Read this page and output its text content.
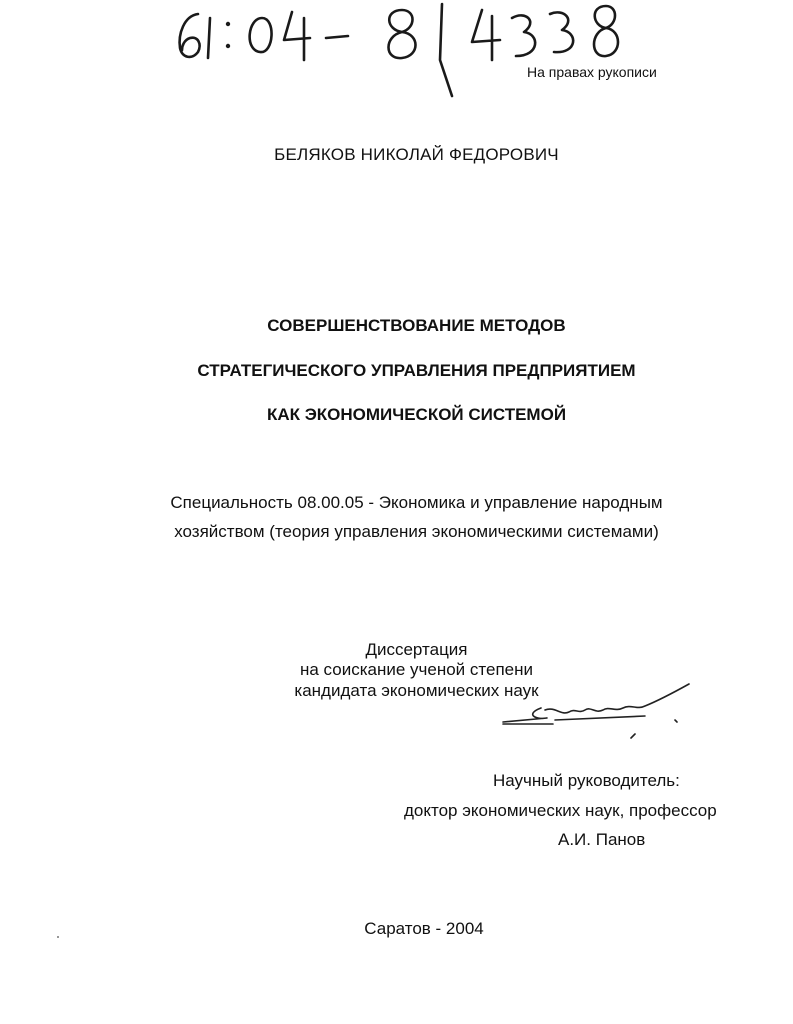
На правах рукописи
БЕЛЯКОВ НИКОЛАЙ ФЕДОРОВИЧ
СОВЕРШЕНСТВОВАНИЕ МЕТОДОВ
СТРАТЕГИЧЕСКОГО УПРАВЛЕНИЯ ПРЕДПРИЯТИЕМ
КАК ЭКОНОМИЧЕСКОЙ СИСТЕМОЙ
Специальность 08.00.05 - Экономика и управление народным
хозяйством (теория управления экономическими системами)
Диссертация
на соискание ученой степени
кандидата экономических наук
Научный руководитель:
доктор экономических наук, профессор
А.И. Панов
Саратов - 2004
